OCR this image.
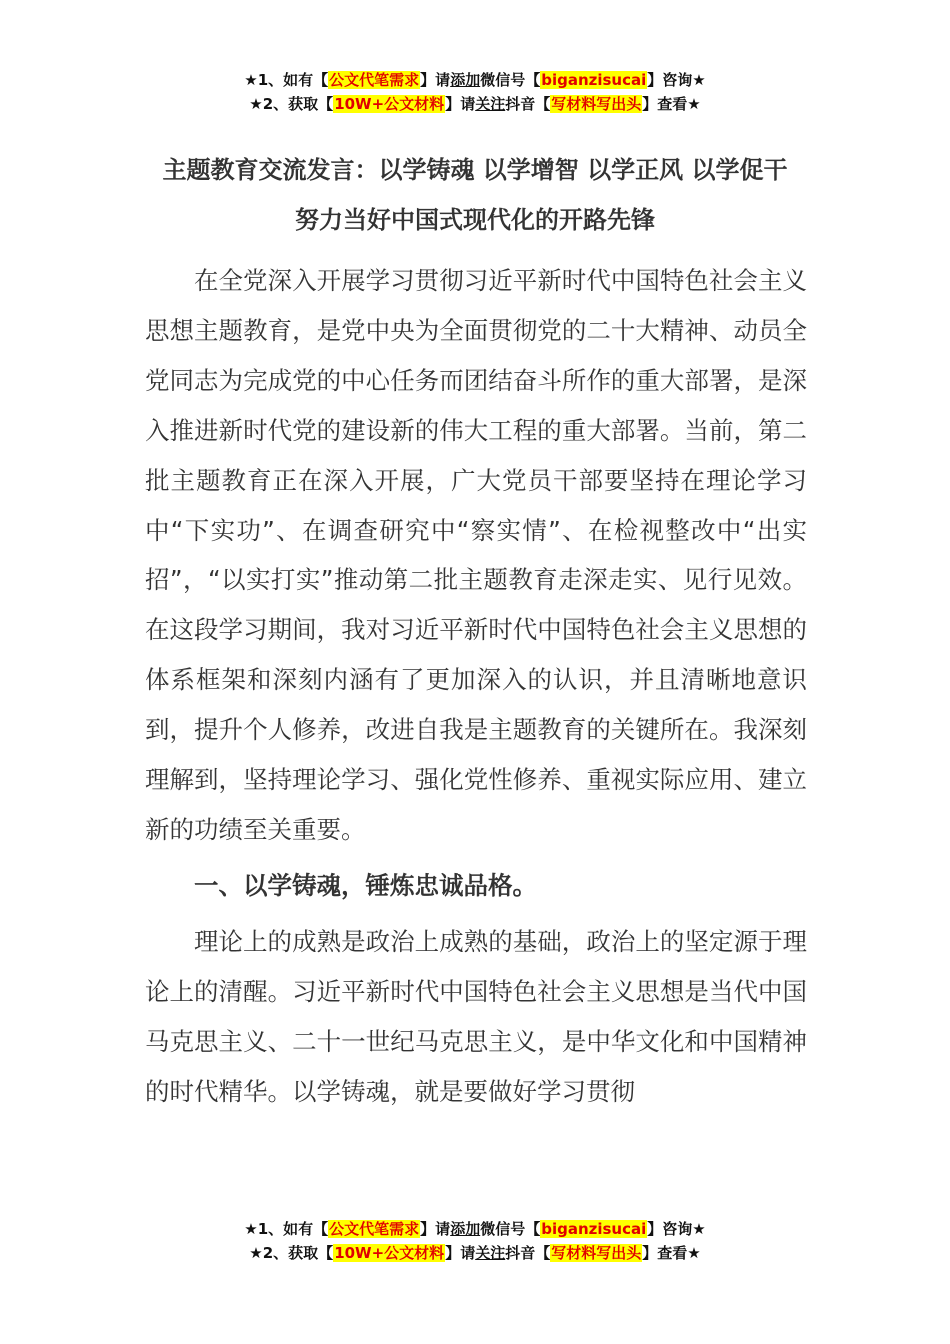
★1、如有【公文代笔需求】请添加微信号【biganzisucai】咨询★
★2、获取【10W+公文材料】请关注抖音【写材料写出头】查看★
主题教育交流发言：以学铸魂 以学增智 以学正风 以学促干
努力当好中国式现代化的开路先锋

在全党深入开展学习贯彻习近平新时代中国特色社会主义思想主题教育，是党中央为全面贯彻党的二十大精神、动员全党同志为完成党的中心任务而团结奋斗所作的重大部署，是深入推进新时代党的建设新的伟大工程的重大部署。当前，第二批主题教育正在深入开展，广大党员干部要坚持在理论学习中“下实功”、在调查研究中“察实情”、在检视整改中“出实招”，“以实打实”推动第二批主题教育走深走实、见行见效。在这段学习期间，我对习近平新时代中国特色社会主义思想的体系框架和深刻内涵有了更加深入的认识，并且清晰地意识到，提升个人修养，改进自我是主题教育的关键所在。我深刻理解到，坚持理论学习、强化党性修养、重视实际应用、建立新的功绩至关重要。

一、以学铸魂，锤炼忠诚品格。

理论上的成熟是政治上成熟的基础，政治上的坚定源于理论上的清醒。习近平新时代中国特色社会主义思想是当代中国马克思主义、二十一世纪马克思主义，是中华文化和中国精神的时代精华。以学铸魂，就是要做好学习贯彻

★1、如有【公文代笔需求】请添加微信号【biganzisucai】咨询★
★2、获取【10W+公文材料】请关注抖音【写材料写出头】查看★
